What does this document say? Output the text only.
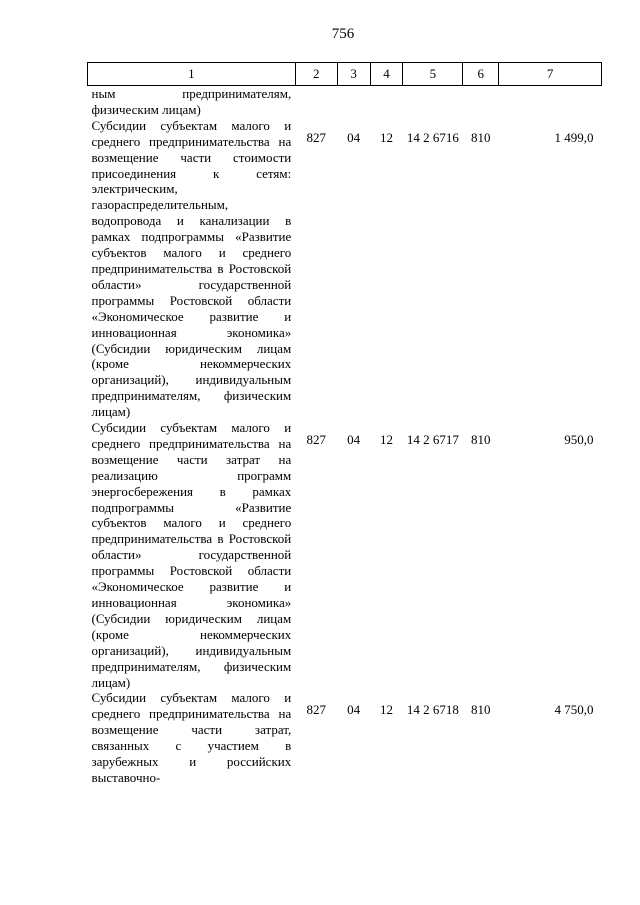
756
1	2	3	4	5	6	7
ным предпринимателям, физическим лицам)						
Субсидии субъектам малого и среднего предпринимательства на возмещение части стоимости присоединения к сетям: электрическим, газораспределительным, водопровода и канализации в рамках подпрограммы «Развитие субъектов малого и среднего предпринимательства в Ростовской области» государственной программы Ростовской области «Экономическое развитие и инновационная экономика» (Субсидии юридическим лицам (кроме некоммерческих организаций), индивидуальным предпринимателям, физическим лицам)	827	04	12	14 2 6716	810	1 499,0
Субсидии субъектам малого и среднего предпринимательства на возмещение части затрат на реализацию программ энергосбережения в рамках подпрограммы «Развитие субъектов малого и среднего предпринимательства в Ростовской области» государственной программы Ростовской области «Экономическое развитие и инновационная экономика» (Субсидии юридическим лицам (кроме некоммерческих организаций), индивидуальным предпринимателям, физическим лицам)	827	04	12	14 2 6717	810	950,0
Субсидии субъектам малого и среднего предпринимательства на возмещение части затрат, связанных с участием в зарубежных и российских выставочно-	827	04	12	14 2 6718	810	4 750,0
